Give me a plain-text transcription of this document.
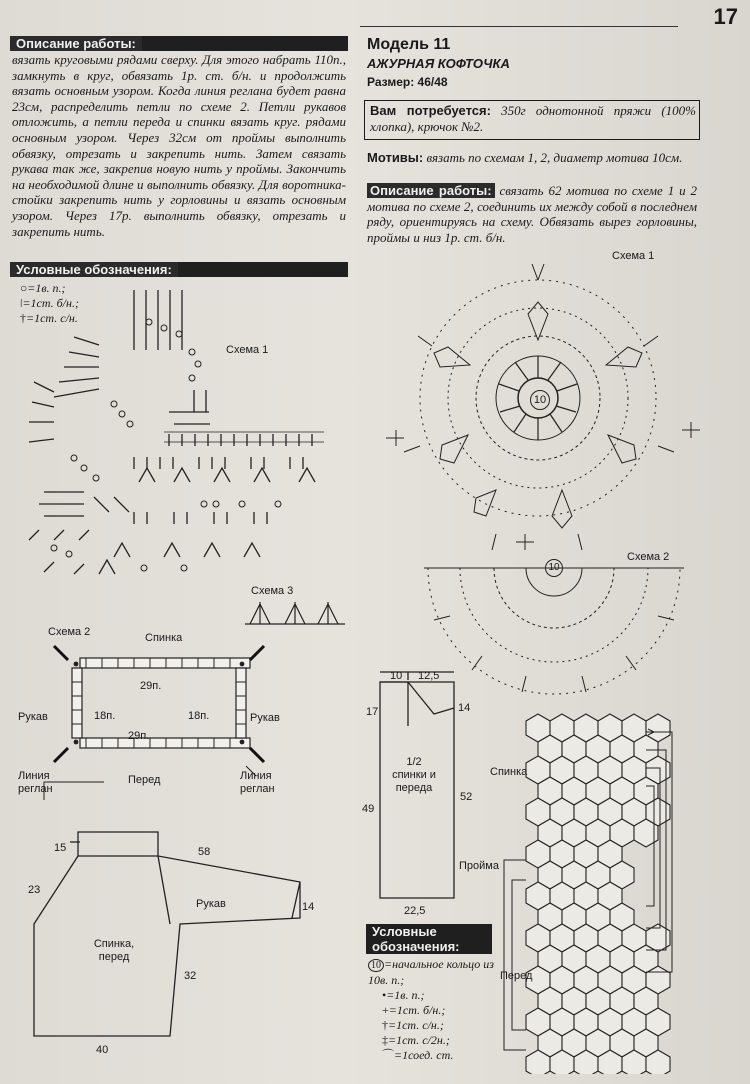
17
Описание работы:
вязать круговыми рядами сверху. Для этого набрать 110п., замкнуть в круг, обвязать 1р. ст. б/н. и продолжить вязать основным узором. Когда линия реглана будет равна 23см, распределить петли по схеме 2. Петли рукавов отложить, а петли переда и спинки вязать круг. рядами основным узором. Через 32см от проймы выполнить обвязку, отрезать и закрепить нить. Затем связать рукава так же, закрепив новую нить у проймы. Закончить на необходимой длине и выполнить обвязку. Для воротника-стойки закрепить нить у горловины и вязать основным узором. Через 17р. выполнить обвязку, отрезать и закрепить нить.
Условные обозначения:
○=1в. п.;
ǀ=1ст. б/н.;
†=1ст. с/н.
Схема 1
Схема 3
Схема 2	Спинка
29п.
Рукав	18п.	18п.	Рукав
29п.
Перед
Линия реглан
Линия реглан
15	58
23
Рукав	14
Спинка, перед
32
40
Модель 11
АЖУРНАЯ КОФТОЧКА
Размер: 46/48
Вам потребуется: 350г однотонной пряжи (100% хлопка), крючок №2.
Мотивы: вязать по схемам 1, 2, диаметр мотива 10см.
Описание работы: связать 62 мотива по схеме 1 и 2 мотива по схеме 2, соединить их между собой в последнем ряду, ориентируясь на схему. Обвязать вырез горловины, проймы и низ 1р. ст. б/н.
Схема 1
10
Схема 2
10
10 12,5
17	14
1/2 спинки и переда
49
52
22,5
Спинка
Пройма
Перед
Условные обозначения:
10 =начальное кольцо из 10в. п.;
•=1в. п.;
+=1ст. б/н.;
†=1ст. с/н.;
‡=1ст. с/2н.;
⌒=1соед. ст.
